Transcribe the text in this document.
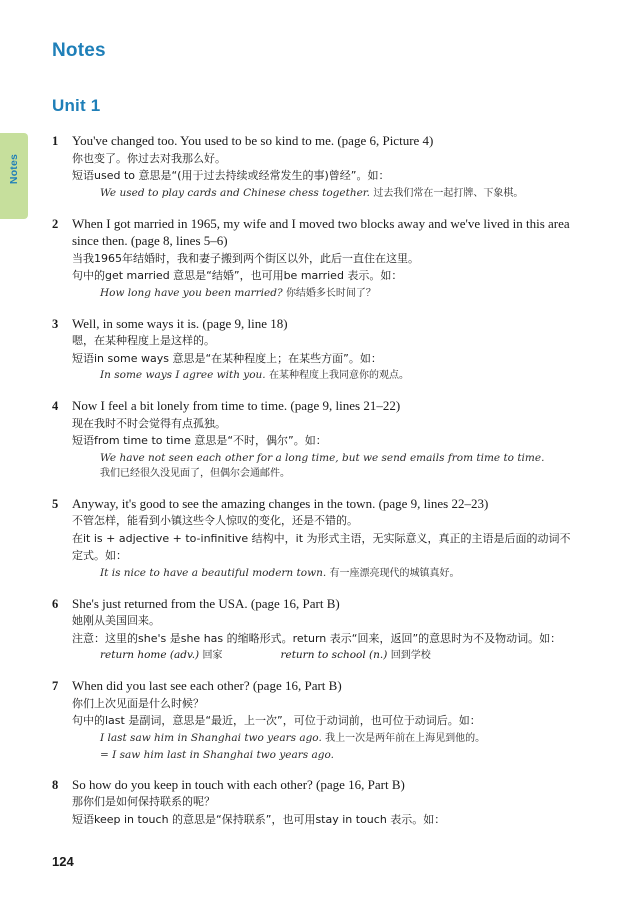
Notes
Notes
Unit 1
1	You've changed too. You used to be so kind to me. (page 6, Picture 4)
你也变了。你过去对我那么好。
短语used to 意思是“(用于过去持续或经常发生的事)曾经”。如：
We used to play cards and Chinese chess together. 过去我们常在一起打牌、下象棋。
2	When I got married in 1965, my wife and I moved two blocks away and we've lived in this area since then. (page 8, lines 5–6)
当我1965年结婚时，我和妻子搬到两个街区以外，此后一直住在这里。
句中的get married 意思是“结婚”，也可用be married 表示。如：
How long have you been married? 你结婚多长时间了？
3	Well, in some ways it is. (page 9, line 18)
嗯，在某种程度上是这样的。
短语in some ways 意思是“在某种程度上；在某些方面”。如：
In some ways I agree with you. 在某种程度上我同意你的观点。
4	Now I feel a bit lonely from time to time. (page 9, lines 21–22)
现在我时不时会觉得有点孤独。
短语from time to time 意思是“不时，偶尔”。如：
We have not seen each other for a long time, but we send emails from time to time.
我们已经很久没见面了，但偶尔会通邮件。
5	Anyway, it's good to see the amazing changes in the town. (page 9, lines 22–23)
不管怎样，能看到小镇这些令人惊叹的变化，还是不错的。
在it is + adjective + to-infinitive 结构中，it 为形式主语，无实际意义，真正的主语是后面的动词不定式。如：
It is nice to have a beautiful modern town. 有一座漂亮现代的城镇真好。
6	She's just returned from the USA. (page 16, Part B)
她刚从美国回来。
注意：这里的she's 是she has 的缩略形式。return 表示“回来，返回”的意思时为不及物动词。如：
return home (adv.) 回家	return to school (n.) 回到学校
7	When did you last see each other? (page 16, Part B)
你们上次见面是什么时候？
句中的last 是副词，意思是“最近，上一次”，可位于动词前，也可位于动词后。如：
I last saw him in Shanghai two years ago. 我上一次是两年前在上海见到他的。
= I saw him last in Shanghai two years ago.
8	So how do you keep in touch with each other? (page 16, Part B)
那你们是如何保持联系的呢？
短语keep in touch 的意思是“保持联系”，也可用stay in touch 表示。如：
124
